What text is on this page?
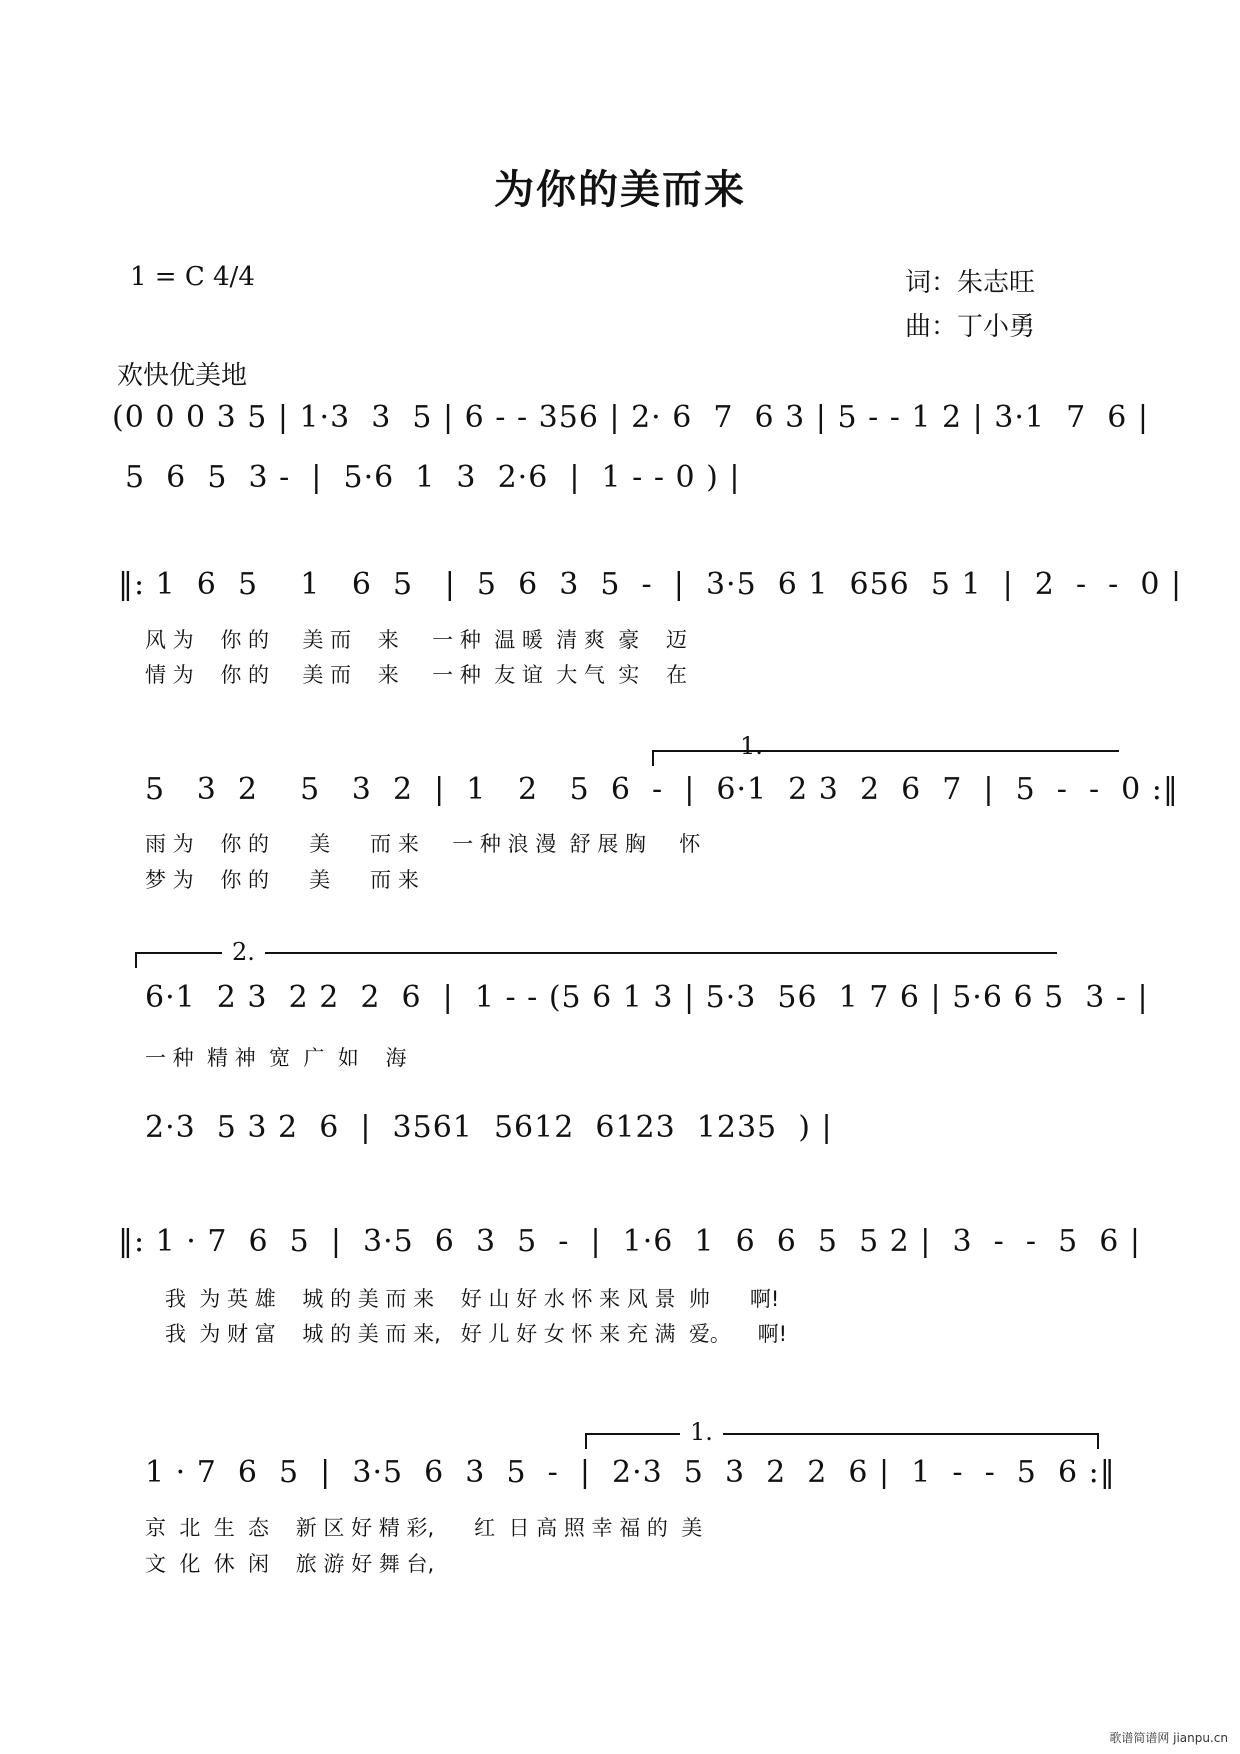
为你的美而来
1 = C 4/4	词：朱志旺
曲：丁小勇
欢快优美地
(0 0 0 3 5 | 1·3  3  5 | 6 - - 356 | 2· 6  7  6 3 | 5 - - 1 2 | 3·1  7  6 |
5  6  5  3 -  |  5·6  1  3  2·6  |  1 - - 0 ) |
‖: 1  6  5    1   6  5   |  5  6  3  5  -  |  3·5  6 1  656  5 1  |  2  -  -  0 |
风 为    你 的     美 而    来     一 种  温 暖  清 爽  豪    迈
情 为    你 的     美 而    来     一 种  友 谊  大 气  实    在
1.
5   3  2    5   3  2  |  1   2   5  6  -  |  6·1  2 3  2  6  7  |  5  -  -  0 :‖
雨 为    你 的      美      而 来     一 种 浪 漫  舒 展 胸     怀
梦 为    你 的      美      而 来
2.
6·1  2 3  2 2  2  6  |  1 - - (5 6 1 3 | 5·3  56  1 7 6 | 5·6 6 5  3 - |
一 种  精 神  宽  广  如    海
2·3  5 3 2  6  |  3561  5612  6123  1235  ) |
‖: 1 · 7  6  5  |  3·5  6  3  5  -  |  1·6  1  6  6  5  5 2 |  3  -  -  5  6 |
我  为 英 雄    城 的 美 而 来    好 山 好 水 怀 来 风 景  帅      啊!
我  为 财 富    城 的 美 而 来,   好 儿 好 女 怀 来 充 满  爱。    啊!
1.
1 · 7  6  5  |  3·5  6  3  5  -  |  2·3  5  3  2  2  6 |  1  -  -  5  6 :‖
京  北  生  态    新 区 好 精 彩,      红  日 高 照 幸 福 的  美
文  化  休  闲    旅 游 好 舞 台,
歌谱简谱网 jianpu.cn
